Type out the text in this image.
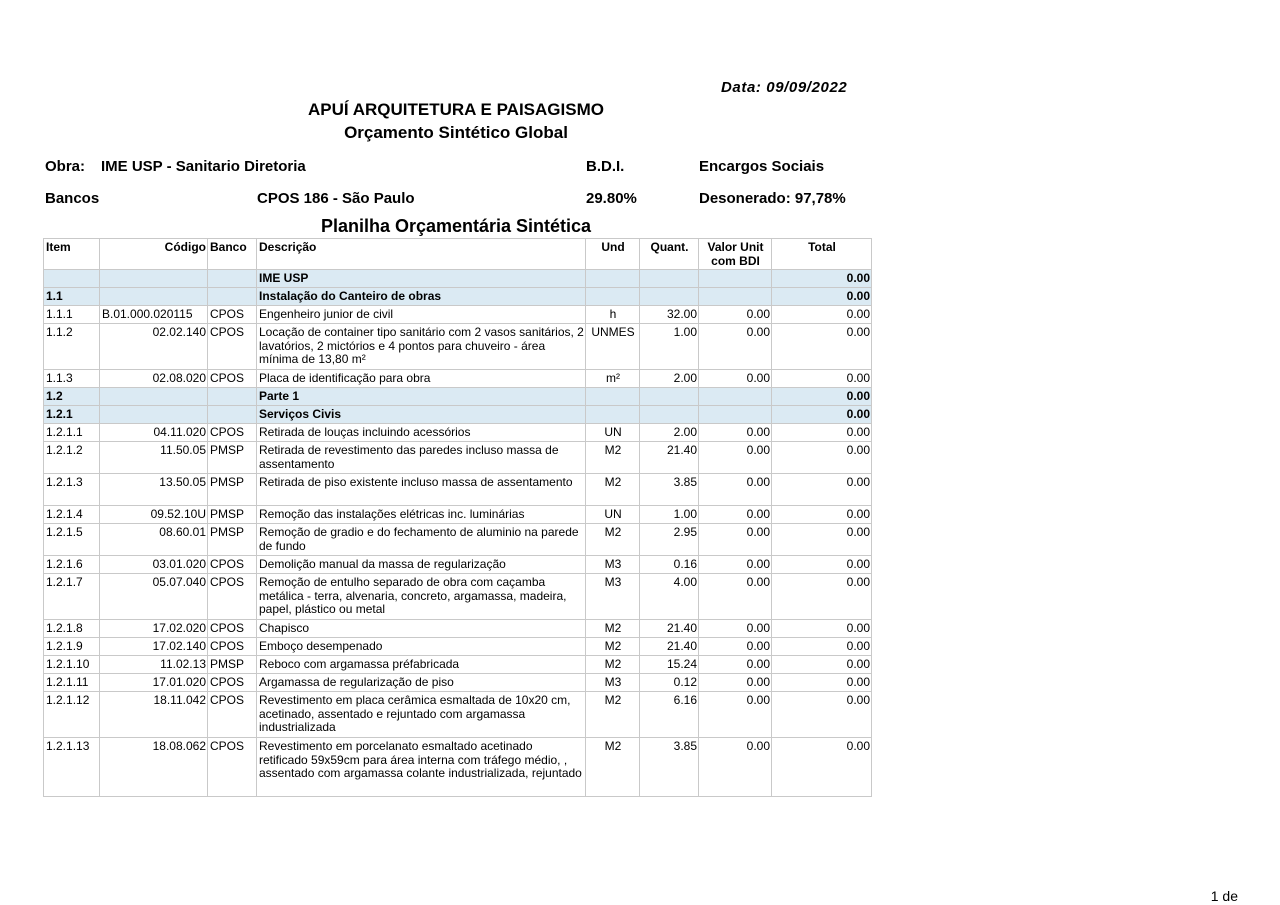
Data: 09/09/2022
APUÍ ARQUITETURA E PAISAGISMO
Orçamento Sintético Global
Obra: IME USP - Sanitario Diretoria	B.D.I.	Encargos Sociais
Bancos	CPOS 186 - São Paulo	29.80%	Desonerado: 97,78%
Planilha Orçamentária Sintética
Item	Código	Banco	Descrição	Und	Quant.	Valor Unit com BDI	Total
			IME USP				0.00
1.1			Instalação do Canteiro de obras				0.00
1.1.1	B.01.000.020115	CPOS	Engenheiro junior de civil	h	32.00	0.00	0.00
1.1.2	02.02.140	CPOS	Locação de container tipo sanitário com 2 vasos sanitários, 2 lavatórios, 2 mictórios e 4 pontos para chuveiro - área mínima de 13,80 m²	UNMES	1.00	0.00	0.00
1.1.3	02.08.020	CPOS	Placa de identificação para obra	m²	2.00	0.00	0.00
1.2			Parte 1				0.00
1.2.1			Serviços Civis				0.00
1.2.1.1	04.11.020	CPOS	Retirada de louças incluindo acessórios	UN	2.00	0.00	0.00
1.2.1.2	11.50.05	PMSP	Retirada de revestimento das paredes incluso massa de assentamento	M2	21.40	0.00	0.00
1.2.1.3	13.50.05	PMSP	Retirada de piso existente incluso massa de assentamento	M2	3.85	0.00	0.00
1.2.1.4	09.52.10U	PMSP	Remoção das instalações elétricas inc. luminárias	UN	1.00	0.00	0.00
1.2.1.5	08.60.01	PMSP	Remoção de gradio e do fechamento de aluminio na parede de fundo	M2	2.95	0.00	0.00
1.2.1.6	03.01.020	CPOS	Demolição manual da massa de regularização	M3	0.16	0.00	0.00
1.2.1.7	05.07.040	CPOS	Remoção de entulho separado de obra com caçamba metálica - terra, alvenaria, concreto, argamassa, madeira, papel, plástico ou metal	M3	4.00	0.00	0.00
1.2.1.8	17.02.020	CPOS	Chapisco	M2	21.40	0.00	0.00
1.2.1.9	17.02.140	CPOS	Emboço desempenado	M2	21.40	0.00	0.00
1.2.1.10	11.02.13	PMSP	Reboco com argamassa préfabricada	M2	15.24	0.00	0.00
1.2.1.11	17.01.020	CPOS	Argamassa de regularização de piso	M3	0.12	0.00	0.00
1.2.1.12	18.11.042	CPOS	Revestimento em placa cerâmica esmaltada de 10x20 cm, acetinado, assentado e rejuntado com argamassa industrializada	M2	6.16	0.00	0.00
1.2.1.13	18.08.062	CPOS	Revestimento em porcelanato esmaltado acetinado retificado 59x59cm para área interna com tráfego médio, , assentado com argamassa colante industrializada, rejuntado	M2	3.85	0.00	0.00
1 de
